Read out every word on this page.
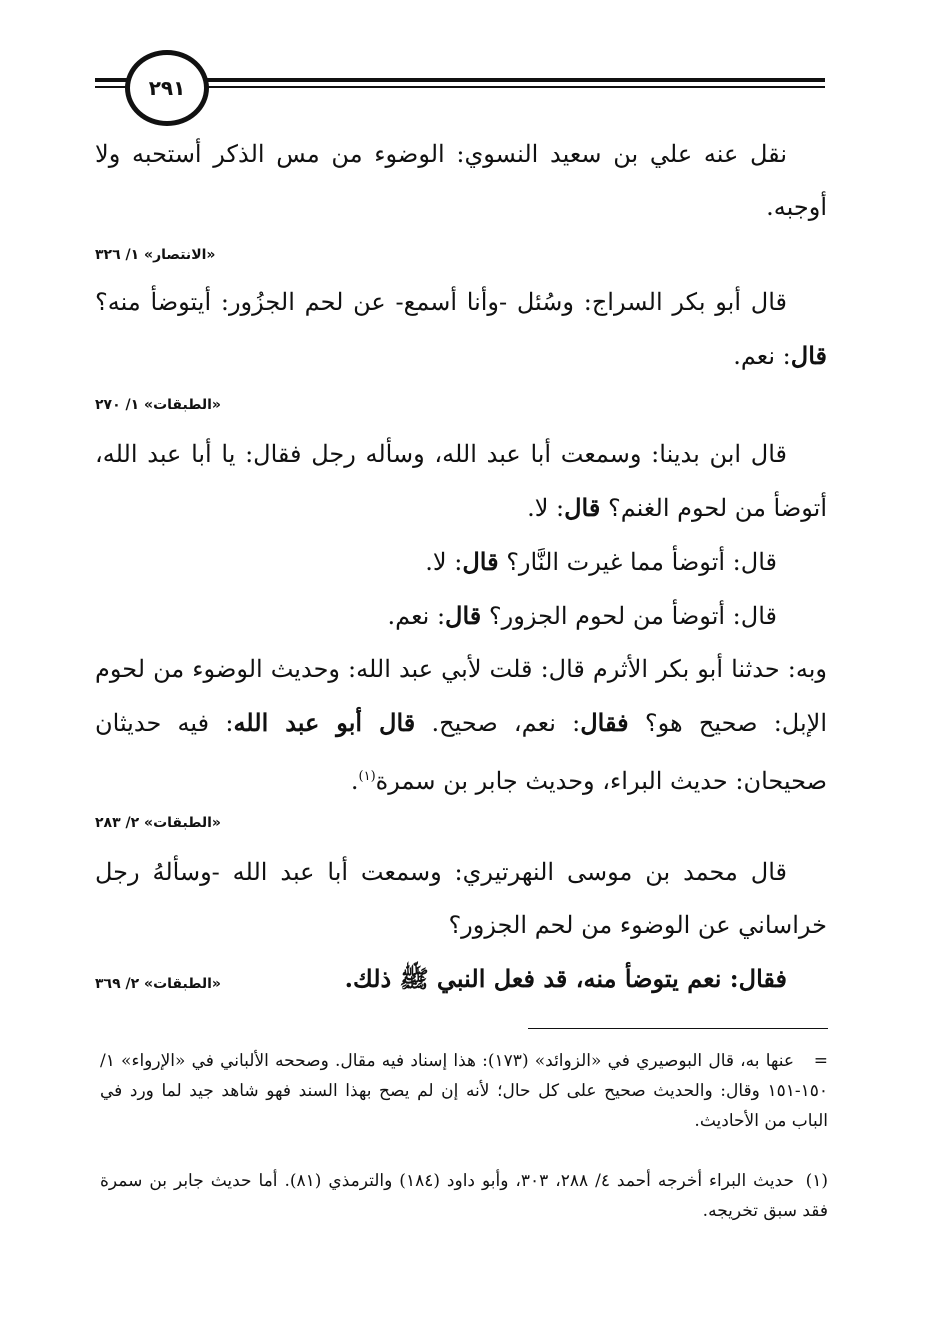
٢٩١

نقل عنه علي بن سعيد النسوي: الوضوء من مس الذكر أستحبه ولا أوجبه.

«الانتصار» ١/ ٣٢٦

قال أبو بكر السراج: وسُئل -وأنا أسمع- عن لحم الجزُور: أيتوضأ منه؟ قال: نعم.

«الطبقات» ١/ ٢٧٠

قال ابن بدينا: وسمعت أبا عبد الله، وسأله رجل فقال: يا أبا عبد الله، أتوضأ من لحوم الغنم؟ قال: لا.

قال: أتوضأ مما غيرت النَّار؟ قال: لا.

قال: أتوضأ من لحوم الجزور؟ قال: نعم.

وبه: حدثنا أبو بكر الأثرم قال: قلت لأبي عبد الله: وحديث الوضوء من لحوم الإبل: صحيح هو؟ فقال: نعم، صحيح. قال أبو عبد الله: فيه حديثان صحيحان: حديث البراء، وحديث جابر بن سمرة$^{(١)}$.

«الطبقات» ٢/ ٢٨٣

قال محمد بن موسى النهرتيري: وسمعت أبا عبد الله -وسألهُ رجل خراساني عن الوضوء من لحم الجزور؟

فقال: نعم يتوضأ منه، قد فعل النبي ﷺ ذلك.

«الطبقات» ٢/ ٣٦٩

=عنها به، قال البوصيري في «الزوائد» (١٧٣): هذا إسناد فيه مقال. وصححه الألباني في «الإرواء» ١/ ١٥٠-١٥١ وقال: والحديث صحيح على كل حال؛ لأنه إن لم يصح بهذا السند فهو شاهد جيد لما ورد في الباب من الأحاديث.

(١)حديث البراء أخرجه أحمد ٤/ ٢٨٨، ٣٠٣، وأبو داود (١٨٤) والترمذي (٨١). أما حديث جابر بن سمرة فقد سبق تخريجه.
